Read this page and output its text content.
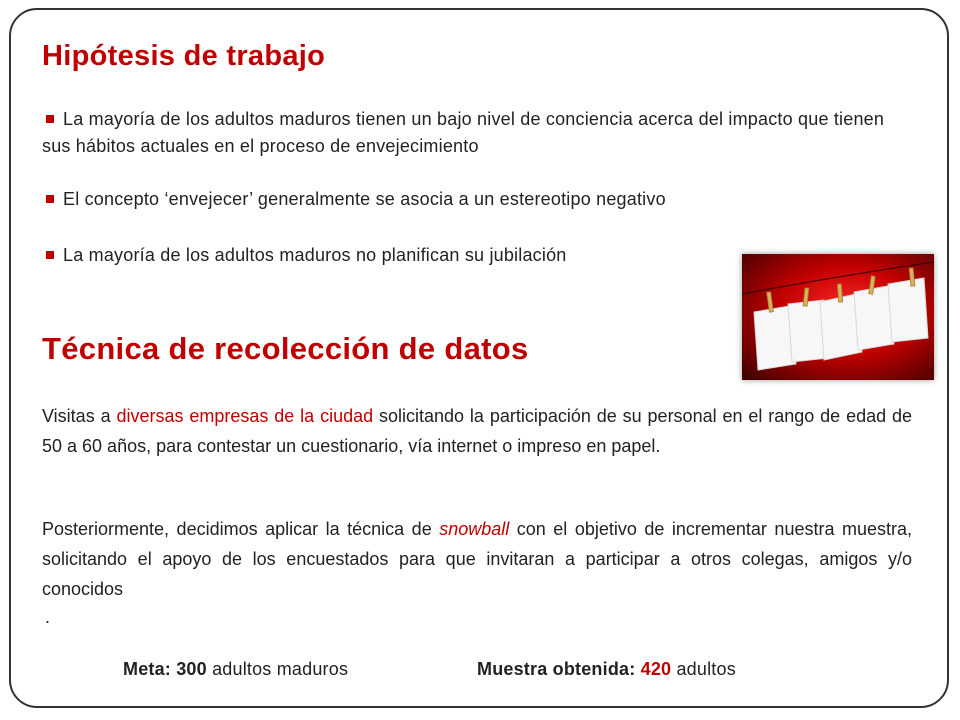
Hipótesis de trabajo
La mayoría de los adultos maduros tienen un bajo nivel de conciencia acerca del impacto que tienen sus hábitos actuales en el proceso de envejecimiento
El concepto ‘envejecer’ generalmente se asocia a un estereotipo negativo
La mayoría de los adultos maduros no planifican su jubilación
Técnica de recolección de datos

Visitas a diversas empresas de la ciudad solicitando la participación de su personal en el rango de edad de 50 a 60 años, para contestar un cuestionario, vía internet o impreso en papel.

Posteriormente, decidimos aplicar la técnica de snowball con el objetivo de incrementar nuestra muestra, solicitando el apoyo de los encuestados para que invitaran a participar a otros colegas, amigos y/o conocidos

.
Meta: 300 adultos maduros	Muestra obtenida: 420 adultos
